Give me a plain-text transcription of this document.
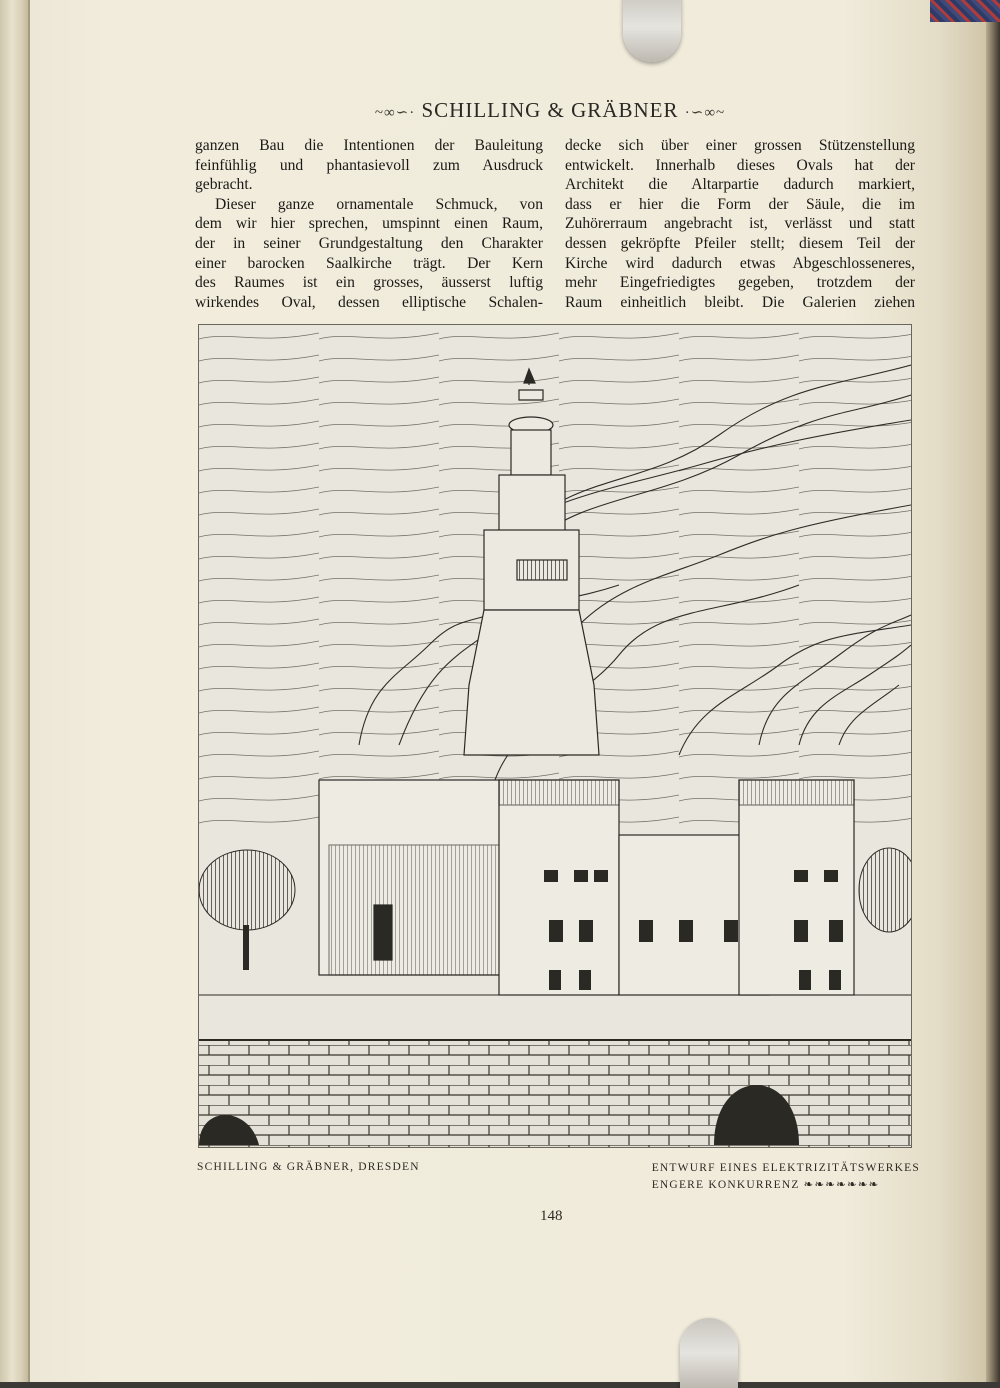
~∞∽· SCHILLING & GRÄBNER ·∽∞~

ganzen Bau die Intentionen der Bauleitung
feinfühlig und phantasievoll zum Ausdruck
gebracht.

Dieser ganze ornamentale Schmuck, von
dem wir hier sprechen, umspinnt einen Raum,
der in seiner Grundgestaltung den Charakter
einer barocken Saalkirche trägt. Der Kern
des Raumes ist ein grosses, äusserst luftig
wirkendes Oval, dessen elliptische Schalen-

decke sich über einer grossen Stützenstellung
entwickelt. Innerhalb dieses Ovals hat der
Architekt die Altarpartie dadurch markiert,
dass er hier die Form der Säule, die im
Zuhörerraum angebracht ist, verlässt und statt
dessen gekröpfte Pfeiler stellt; diesem Teil der
Kirche wird dadurch etwas Abgeschlosseneres,
mehr Eingefriedigtes gegeben, trotzdem der
Raum einheitlich bleibt. Die Galerien ziehen
SCHILLING & GRÄBNER, DRESDEN	ENTWURF EINES ELEKTRIZITÄTSWERKES
ENGERE KONKURRENZ ❧❧❧❧❧❧❧
148
